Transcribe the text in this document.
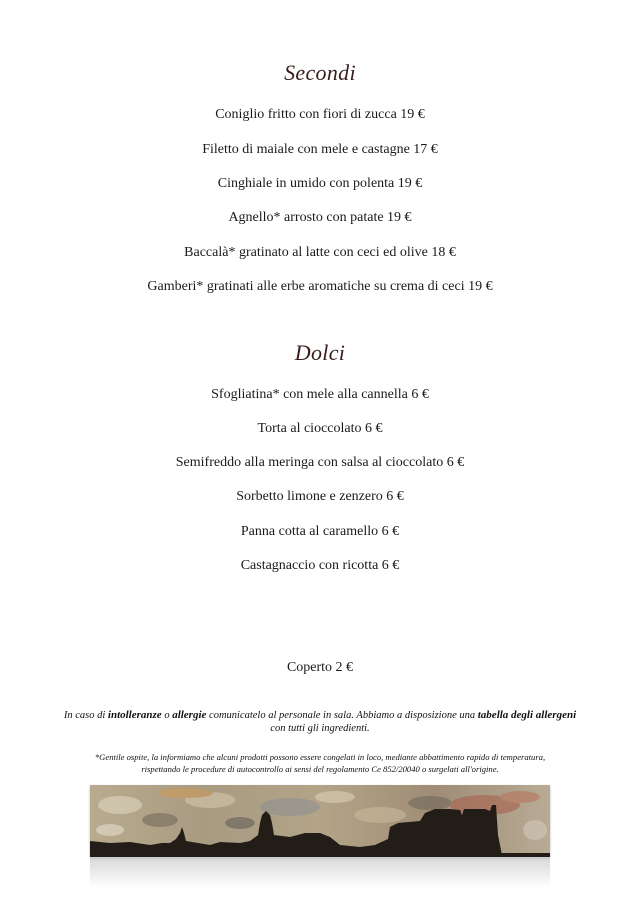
Secondi
Coniglio fritto con fiori di zucca 19 €
Filetto di maiale con mele e castagne 17 €
Cinghiale in umido con polenta 19 €
Agnello* arrosto con patate 19 €
Baccalà* gratinato al latte con ceci ed olive 18 €
Gamberi* gratinati alle erbe aromatiche su crema di ceci 19 €
Dolci
Sfogliatina* con mele alla cannella 6 €
Torta al cioccolato 6 €
Semifreddo alla meringa con salsa al cioccolato 6 €
Sorbetto limone e zenzero 6 €
Panna cotta al caramello 6 €
Castagnaccio con ricotta 6 €
Coperto 2 €
In caso di intolleranze o allergie comunicatelo al personale in sala. Abbiamo a disposizione una tabella degli allergeni con tutti gli ingredienti.
*Gentile ospite, la informiamo che alcuni prodotti possono essere congelati in loco, mediante abbattimento rapido di temperatura,
rispettando le procedure di autocontrollo ai sensi del regolamento Ce 852/20040 o surgelati all'origine.
